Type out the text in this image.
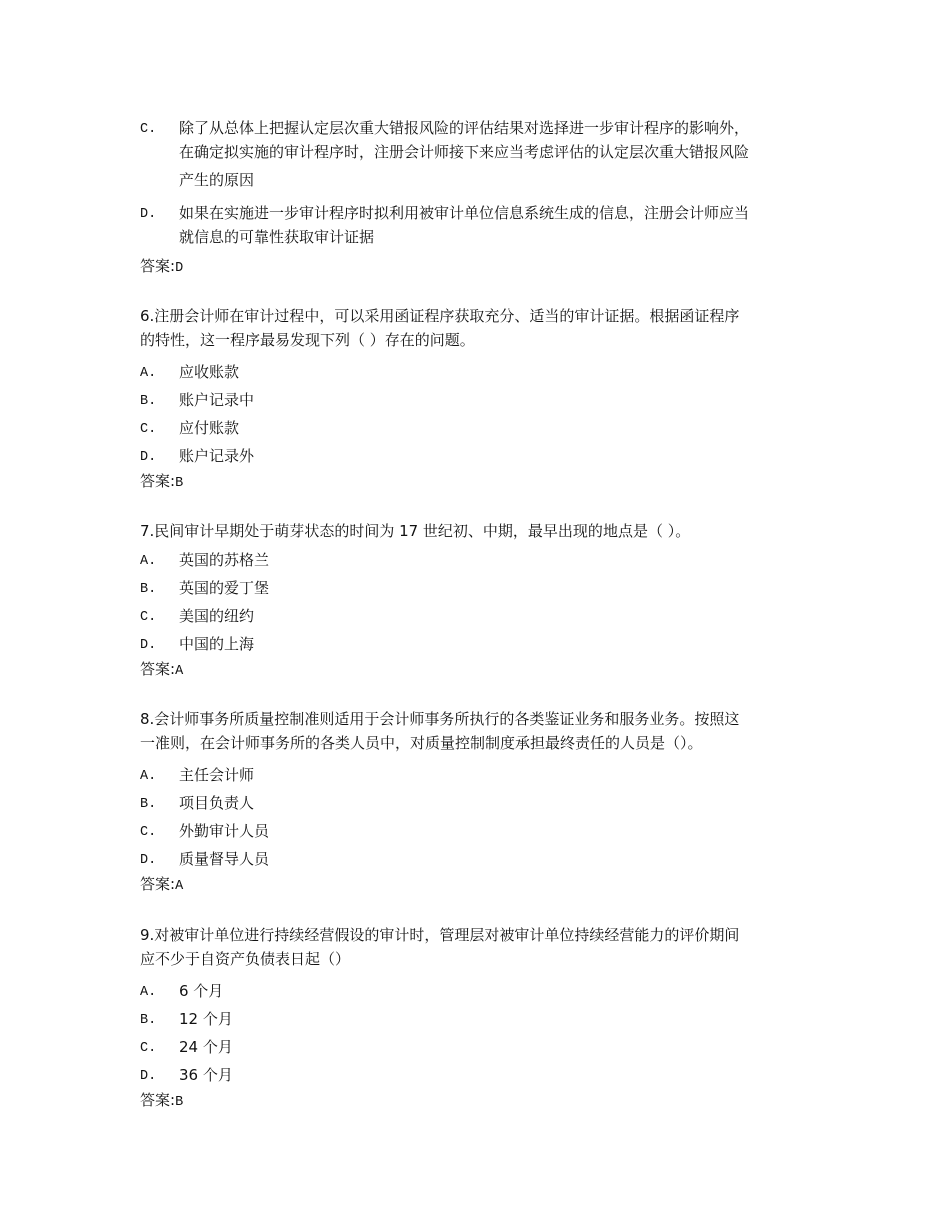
C. 除了从总体上把握认定层次重大错报风险的评估结果对选择进一步审计程序的影响外，
在确定拟实施的审计程序时，注册会计师接下来应当考虑评估的认定层次重大错报风险
产生的原因
D. 如果在实施进一步审计程序时拟利用被审计单位信息系统生成的信息，注册会计师应当
就信息的可靠性获取审计证据
答案:D
6.注册会计师在审计过程中，可以采用函证程序获取充分、适当的审计证据。根据函证程序
的特性，这一程序最易发现下列（ ）存在的问题。
A. 应收账款
B. 账户记录中
C. 应付账款
D. 账户记录外
答案:B
7.民间审计早期处于萌芽状态的时间为 17 世纪初、中期，最早出现的地点是（ ）。
A. 英国的苏格兰
B. 英国的爱丁堡
C. 美国的纽约
D. 中国的上海
答案:A
8.会计师事务所质量控制准则适用于会计师事务所执行的各类鉴证业务和服务业务。按照这
一准则，在会计师事务所的各类人员中，对质量控制制度承担最终责任的人员是（）。
A. 主任会计师
B. 项目负责人
C. 外勤审计人员
D. 质量督导人员
答案:A
9.对被审计单位进行持续经营假设的审计时，管理层对被审计单位持续经营能力的评价期间
应不少于自资产负债表日起（）
A. 6 个月
B. 12 个月
C. 24 个月
D. 36 个月
答案:B
